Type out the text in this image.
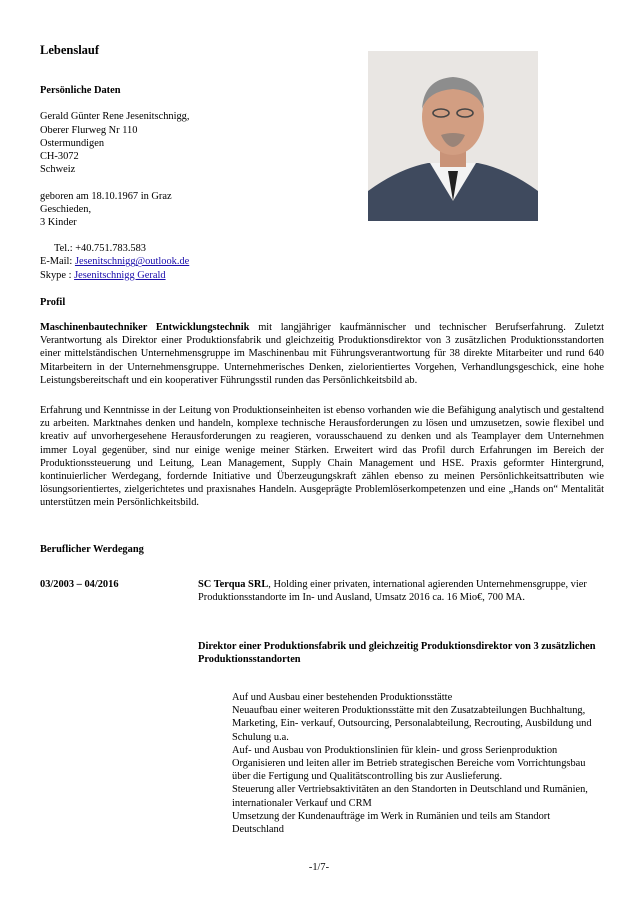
Lebenslauf
Persönliche Daten
Gerald Günter Rene Jesenitschnigg,
Oberer Flurweg Nr 110
Ostermundigen
CH-3072
Schweiz
geboren am 18.10.1967 in Graz
Geschieden,
3 Kinder
Tel.: +40.751.783.583
E-Mail: Jesenitschnigg@outlook.de
Skype : Jesenitschnigg Gerald
Profil
Maschinenbautechniker Entwicklungstechnik mit langjähriger kaufmännischer und technischer Berufserfahrung. Zuletzt Verantwortung als Direktor einer Produktionsfabrik und gleichzeitig Produktionsdirektor von 3 zusätzlichen Produktionsstandorten einer mittelständischen Unternehmensgruppe im Maschinenbau mit Führungsverantwortung für 38 direkte Mitarbeiter und rund 640 Mitarbeitern in der Unternehmensgruppe. Unternehmerisches Denken, zielorientiertes Vorgehen, Verhandlungsgeschick, eine hohe Leistungsbereitschaft und ein kooperativer Führungsstil runden das Persönlichkeitsbild ab.
Erfahrung und Kenntnisse in der Leitung von Produktionseinheiten ist ebenso vorhanden wie die Befähigung analytisch und gestaltend zu arbeiten. Marktnahes denken und handeln, komplexe technische Herausforderungen zu lösen und umzusetzen, sowie flexibel und kreativ auf unvorhergesehene Herausforderungen zu reagieren, vorausschauend zu denken und als Teamplayer dem Unternehmen immer Loyal gegenüber, sind nur einige wenige meiner Stärken. Erweitert wird das Profil durch Erfahrungen im Bereich der Produktionssteuerung und Leitung, Lean Management, Supply Chain Management und HSE. Praxis geformter Hintergrund, kontinuierlicher Werdegang, fordernde Initiative und Überzeugungskraft zählen ebenso zu meinen Persönlichkeitsattributen wie lösungsorientiertes, zielgerichtetes und praxisnahes Handeln. Ausgeprägte Problemlöserkompetenzen und eine „Hands on“ Mentalität unterstützen mein Persönlichkeitsbild.
Beruflicher Werdegang
03/2003 – 04/2016	SC Terqua SRL, Holding einer privaten, international agierenden Unternehmensgruppe, vier Produktionsstandorte im In- und Ausland, Umsatz 2016 ca. 16 Mio€, 700 MA.
Direktor einer Produktionsfabrik und gleichzeitig Produktionsdirektor von 3 zusätzlichen Produktionsstandorten
Auf und Ausbau einer bestehenden Produktionsstätte
Neuaufbau einer weiteren Produktionsstätte mit den Zusatzabteilungen Buchhaltung, Marketing, Ein- verkauf, Outsourcing, Personalabteilung, Recrouting, Ausbildung und Schulung u.a.
Auf- und Ausbau von Produktionslinien für klein- und gross Serienproduktion
Organisieren und leiten aller im Betrieb strategischen Bereiche vom Vorrichtungsbau über die Fertigung und Qualitätscontrolling bis zur Auslieferung.
Steuerung aller Vertriebsaktivitäten an den Standorten in Deutschland und Rumänien, internationaler Verkauf und CRM
Umsetzung der Kundenaufträge im Werk in Rumänien und teils am Standort Deutschland
-1/7-
